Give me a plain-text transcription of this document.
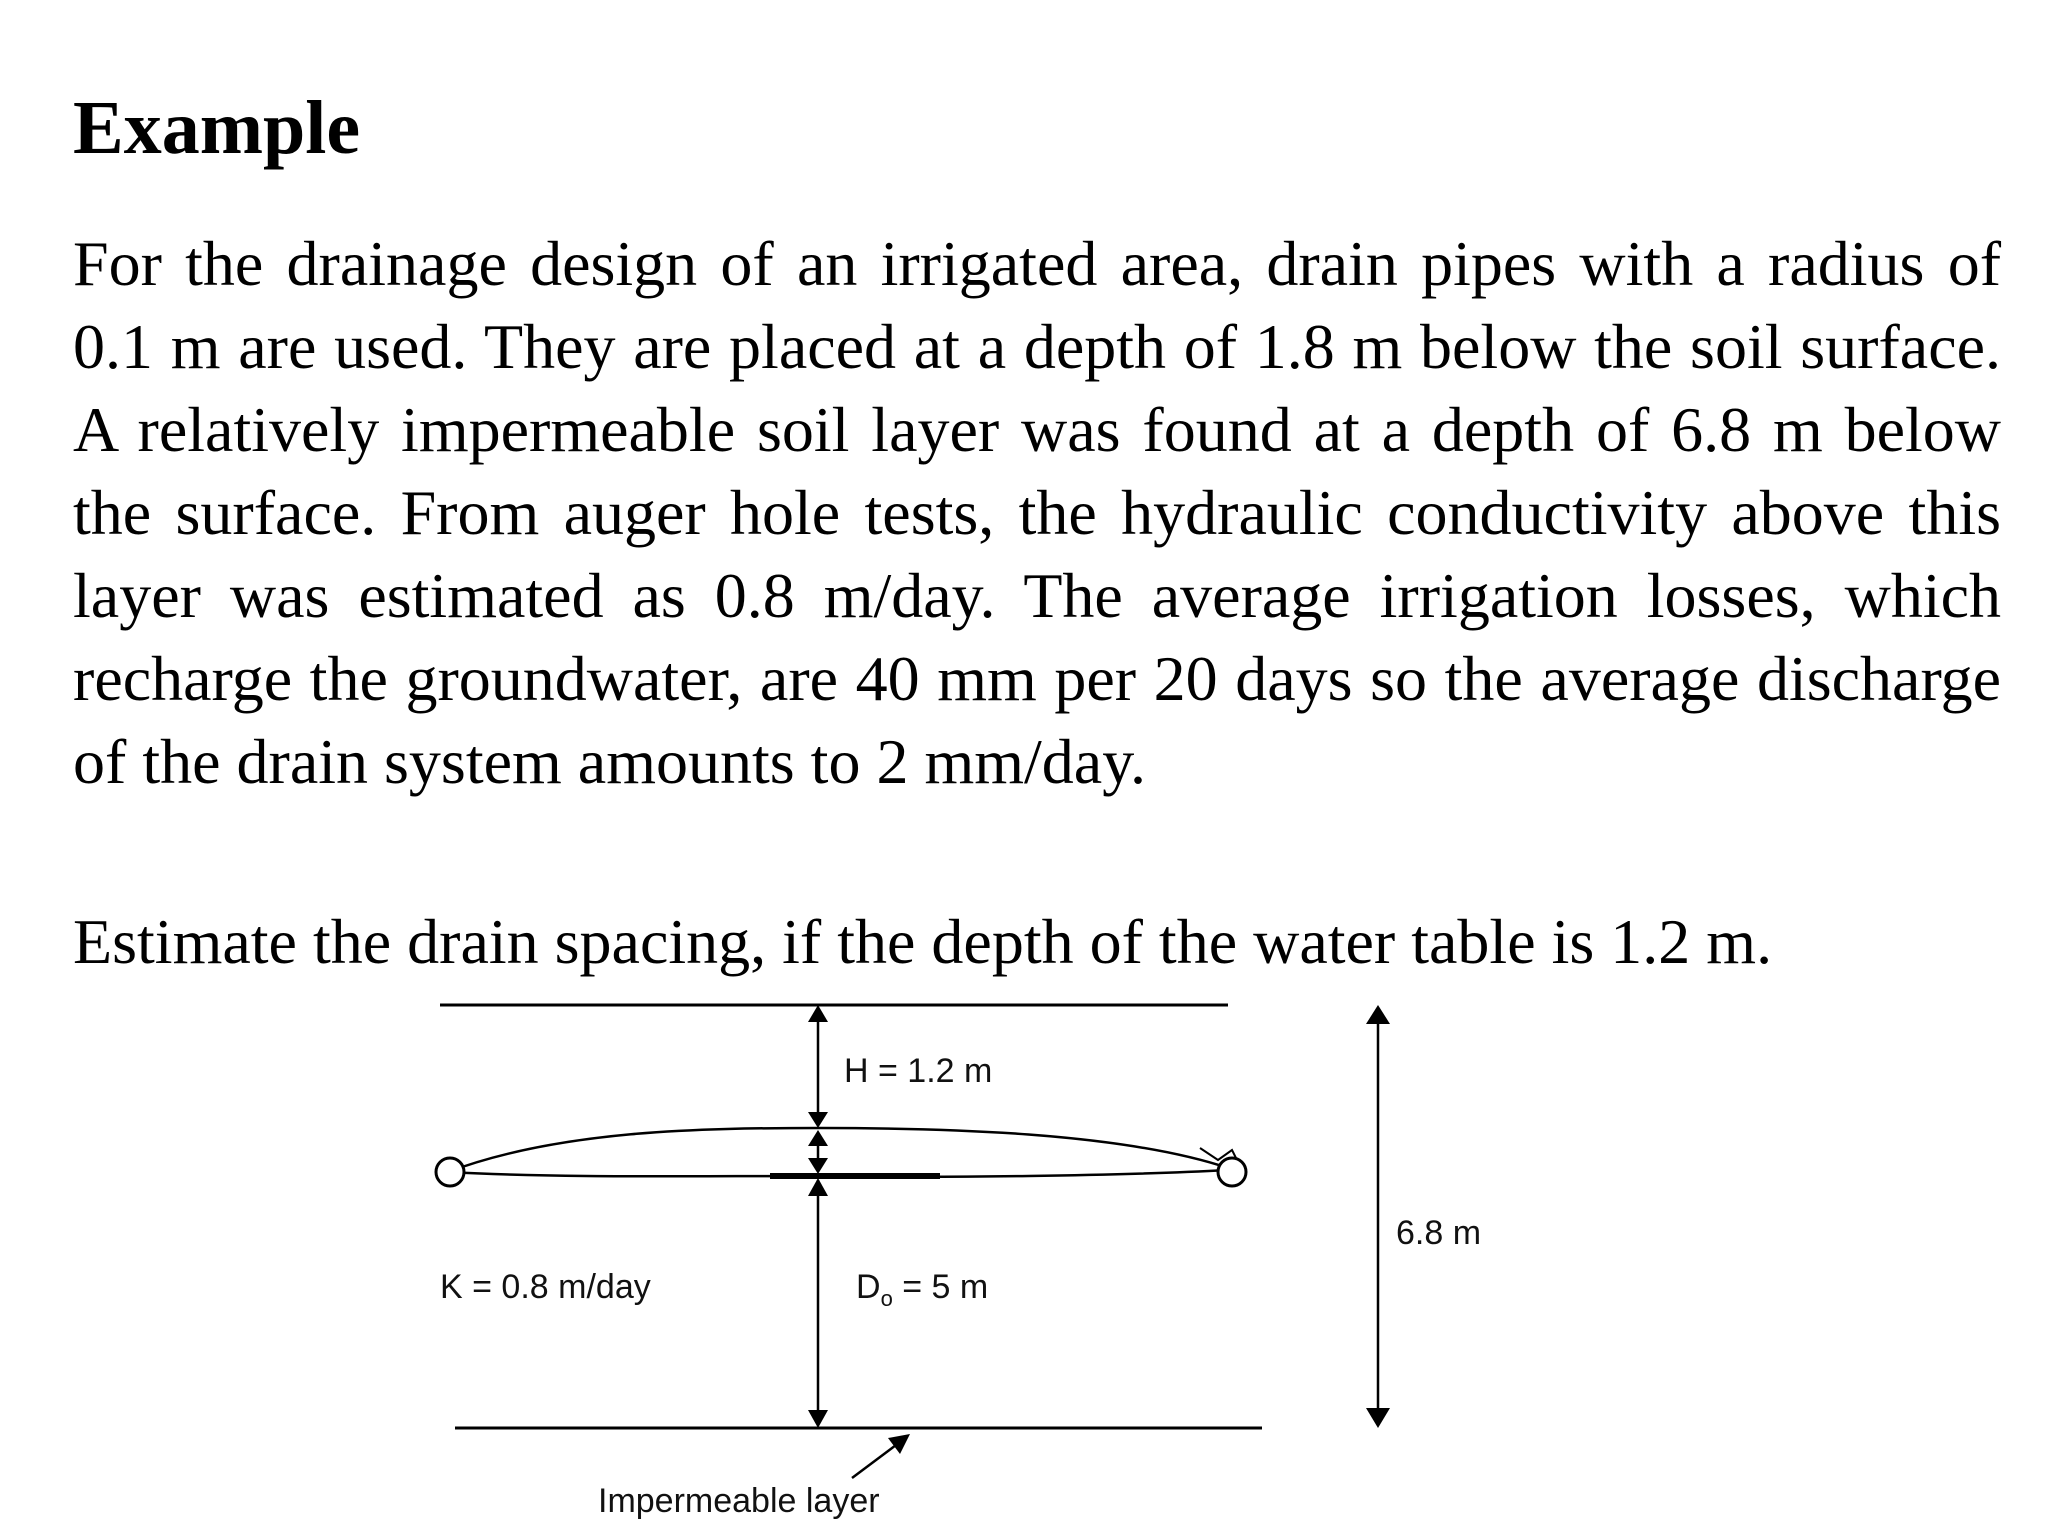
Example

For the drainage design of an irrigated area, drain pipes with a radius of 0.1 m are used. They are placed at a depth of 1.8 m below the soil surface. A relatively impermeable soil layer was found at a depth of 6.8 m below the surface. From auger hole tests, the hydraulic conductivity above this layer was estimated as 0.8 m/day. The average irrigation losses, which recharge the groundwater, are 40 mm per 20 days so the average discharge of the drain system amounts to 2 mm/day.

Estimate the drain spacing, if the depth of the water table is 1.2 m.

H = 1.2 m
K = 0.8 m/day	$D_o = 5$ m
6.8 m
Impermeable layer
